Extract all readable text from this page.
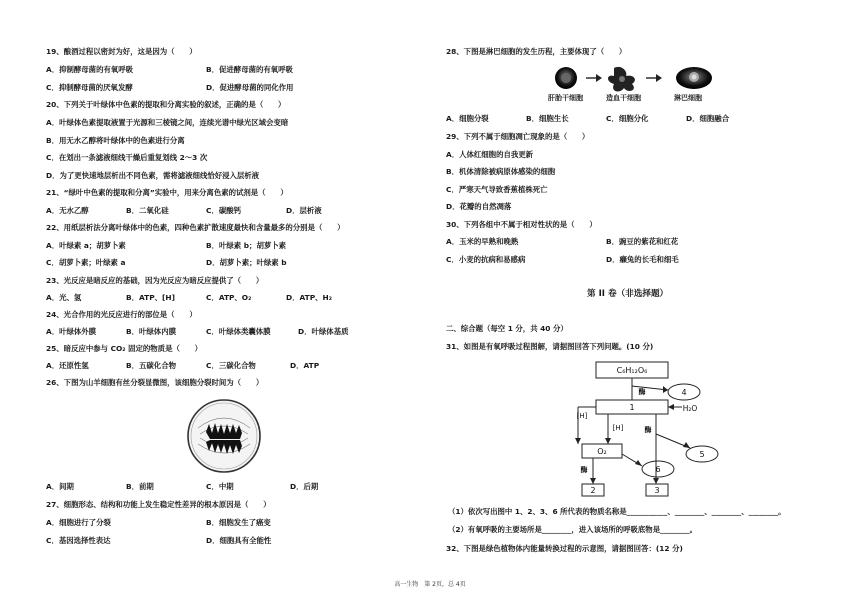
19、酿酒过程以密封为好，这是因为（　　）
A．抑制酵母菌的有氧呼吸	B．促进酵母菌的有氧呼吸
C．抑制酵母菌的厌氧发酵	D．促进酵母菌的同化作用
20、下列关于叶绿体中色素的提取和分离实验的叙述，正确的是（　　）
A．叶绿体色素提取液置于光源和三棱镜之间，连续光谱中绿光区域会变暗
B．用无水乙醇将叶绿体中的色素进行分离
C．在划出一条滤液细线干燥后重复划线 2～3 次
D．为了更快速地层析出不同色素，需将滤液细线恰好浸入层析液
21、“绿叶中色素的提取和分离”实验中，用来分离色素的试剂是（　　）
A．无水乙醇	B．二氧化硅	C．碳酸钙	D．层析液
22、用纸层析法分离叶绿体中的色素，四种色素扩散速度最快和含量最多的分别是（　　）
A．叶绿素 a；胡萝卜素	B．叶绿素 b；胡萝卜素
C．胡萝卜素；叶绿素 a	D．胡萝卜素；叶绿素 b
23、光反应是暗反应的基础，因为光反应为暗反应提供了（　　）
A．光、氢	B．ATP、[H]	C．ATP、O₂	D．ATP、H₂
24、光合作用的光反应进行的部位是（　　）
A．叶绿体外膜	B．叶绿体内膜	C．叶绿体类囊体膜	D．叶绿体基质
25、暗反应中参与 CO₂ 固定的物质是（　　）
A．还原性氢	B．五碳化合物	C．三碳化合物	D．ATP
26、下图为山羊细胞有丝分裂显微图，该细胞分裂时间为（　　）
A．间期	B．前期	C．中期	D．后期
27、细胞形态、结构和功能上发生稳定性差异的根本原因是（　　）
A．细胞进行了分裂	B．细胞发生了癌变
C．基因选择性表达	D．细胞具有全能性
28、下图是淋巴细胞的发生历程，主要体现了（　　）
肝胎干细胞	造血干细胞	淋巴细胞
A．细胞分裂	B．细胞生长	C．细胞分化	D．细胞融合
29、下列不属于细胞凋亡现象的是（　　）
A．人体红细胞的自我更新
B．机体清除被病原体感染的细胞
C．严寒天气导致香蕉植株死亡
D．花瓣的自然凋落
30、下列各组中不属于相对性状的是（　　）
A．玉米的早熟和晚熟	B．豌豆的紫花和红花
C．小麦的抗病和易感病	D．癞兔的长毛和细毛
第 II 卷（非选择题）
二、综合题（每空 1 分，共 40 分）
31、如图是有氧呼吸过程图解，请据图回答下列问题。(10 分)
C₆H₁₂O₆
1
O₂
2	3
4
5
6
[H]
[H]
H₂O
酶
酶
酶
（1）依次写出图中 1、2、3、6 所代表的物质名称是___________、________、________、________。
（2）有氧呼吸的主要场所是________，进入该场所的呼吸底物是________。
32、下图是绿色植物体内能量转换过程的示意图，请据图回答：(12 分)
高一生物　第 2页，总 4页
